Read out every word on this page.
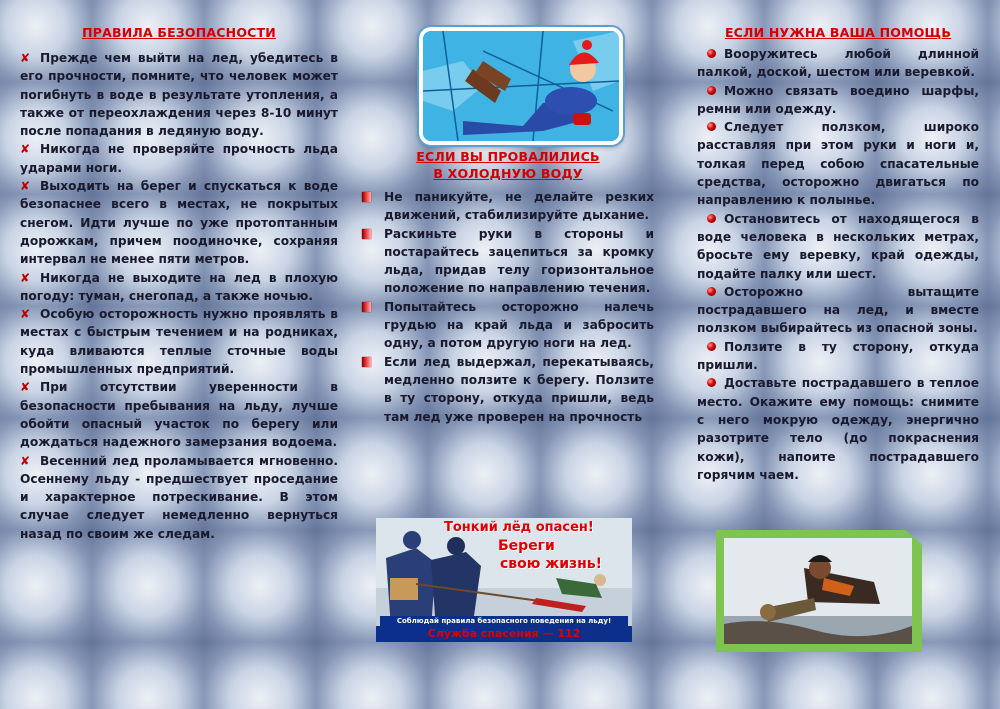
ПРАВИЛА БЕЗОПАСНОСТИ

✘ Прежде чем выйти на лед, убедитесь в его прочности, помните, что человек может погибнуть в воде в результате утопления, а также от переохлаждения через 8-10 минут после попадания в ледяную воду.

✘ Никогда не проверяйте прочность льда ударами ноги.

✘ Выходить на берег и спускаться к воде безопаснее всего в местах, не покрытых снегом. Идти лучше по уже протоптанным дорожкам, причем поодиночке, сохраняя интервал не менее пяти метров.

✘ Никогда не выходите на лед в плохую погоду: туман, снегопад, а также ночью.

✘ Особую осторожность нужно проявлять в местах с быстрым течением и на родниках, куда вливаются теплые сточные воды промышленных предприятий.

✘ При отсутствии уверенности в безопасности пребывания на льду, лучше обойти опасный участок по берегу или дождаться надежного замерзания водоема.

✘ Весенний лед проламывается мгновенно. Осеннему льду - предшествует проседание и характерное потрескивание. В этом случае следует немедленно вернуться назад по своим же следам.

ЕСЛИ ВЫ ПРОВАЛИЛИСЬ
В ХОЛОДНУЮ ВОДУ

Не паникуйте, не делайте резких движений, стабилизируйте дыхание.

Раскиньте руки в стороны и постарайтесь зацепиться за кромку льда, придав телу горизонтальное положение по направлению течения.

Попытайтесь осторожно налечь грудью на край льда и забросить одну, а потом другую ноги на лед.

Если лед выдержал, перекатываясь, медленно ползите к берегу. Ползите в ту сторону, откуда пришли, ведь там лед уже проверен на прочность

Тонкий лёд опасен!
Береги
свою жизнь!
Соблюдай правила безопасного поведения на льду!
Служба спасения — 112
ЕСЛИ НУЖНА ВАША ПОМОЩЬ

Вооружитесь любой длинной палкой, доской, шестом или веревкой.

Можно связать воедино шарфы, ремни или одежду.

Следует ползком, широко расставляя при этом руки и ноги и, толкая перед собою спасательные средства, осторожно двигаться по направлению к полынье.

Остановитесь от находящегося в воде человека в нескольких метрах, бросьте ему веревку, край одежды, подайте палку или шест.

Осторожно вытащите пострадавшего на лед, и вместе ползком выбирайтесь из опасной зоны.

Ползите в ту сторону, откуда пришли.

Доставьте пострадавшего в теплое место. Окажите ему помощь: снимите с него мокрую одежду, энергично разотрите тело (до покраснения кожи), напоите пострадавшего горячим чаем.
